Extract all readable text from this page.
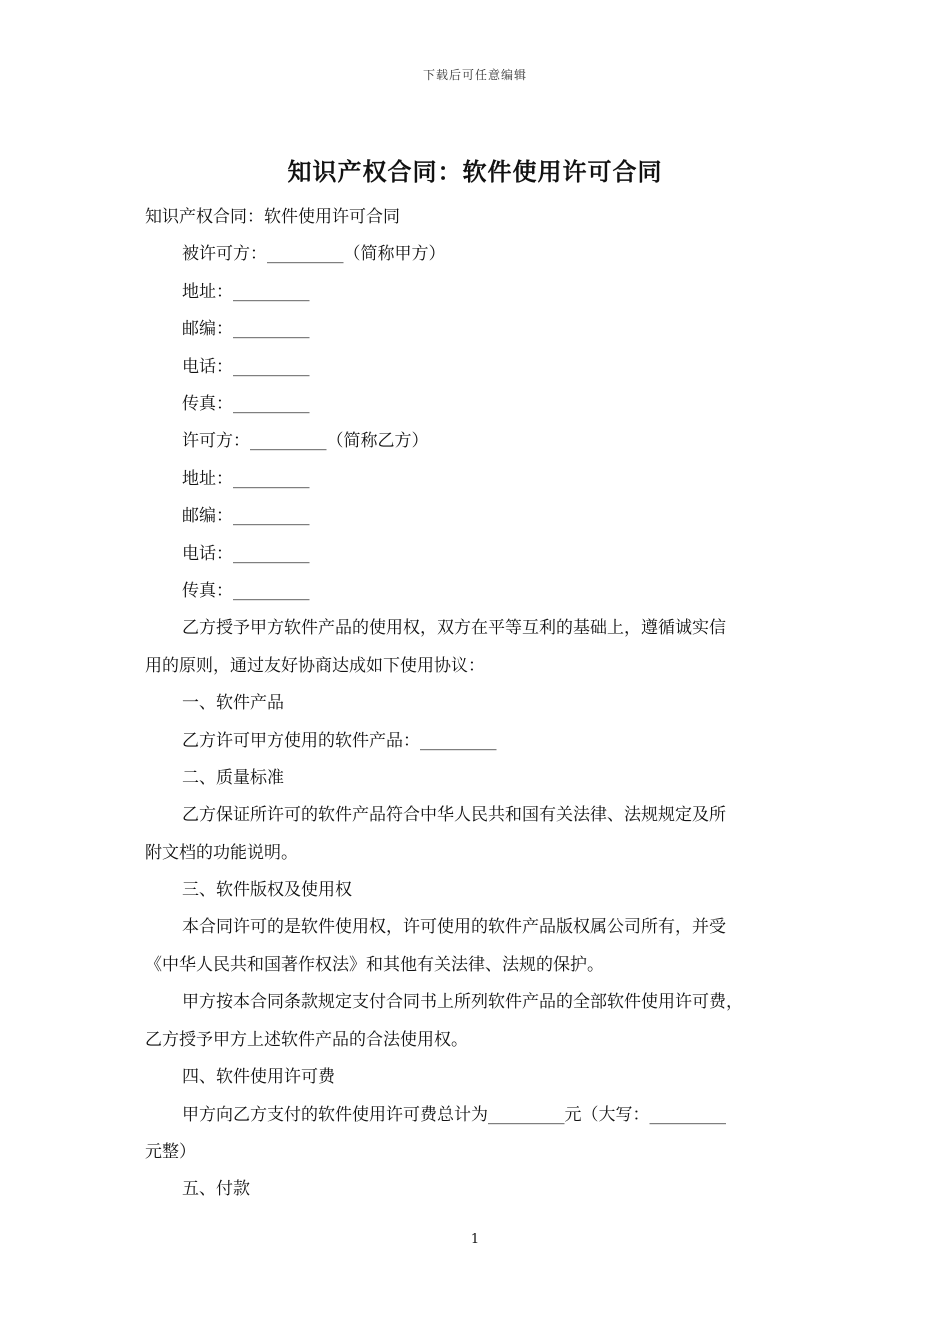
下载后可任意编辑
知识产权合同：软件使用许可合同
知识产权合同：软件使用许可合同
被许可方：_________（简称甲方）
地址：_________
邮编：_________
电话：_________
传真：_________
许可方：_________（简称乙方）
地址：_________
邮编：_________
电话：_________
传真：_________
乙方授予甲方软件产品的使用权，双方在平等互利的基础上，遵循诚实信
用的原则，通过友好协商达成如下使用协议：
一、软件产品
乙方许可甲方使用的软件产品：_________
二、质量标准
乙方保证所许可的软件产品符合中华人民共和国有关法律、法规规定及所
附文档的功能说明。
三、软件版权及使用权
本合同许可的是软件使用权，许可使用的软件产品版权属公司所有，并受
《中华人民共和国著作权法》和其他有关法律、法规的保护。
甲方按本合同条款规定支付合同书上所列软件产品的全部软件使用许可费，
乙方授予甲方上述软件产品的合法使用权。
四、软件使用许可费
甲方向乙方支付的软件使用许可费总计为_________元（大写：_________
元整）
五、付款
1
